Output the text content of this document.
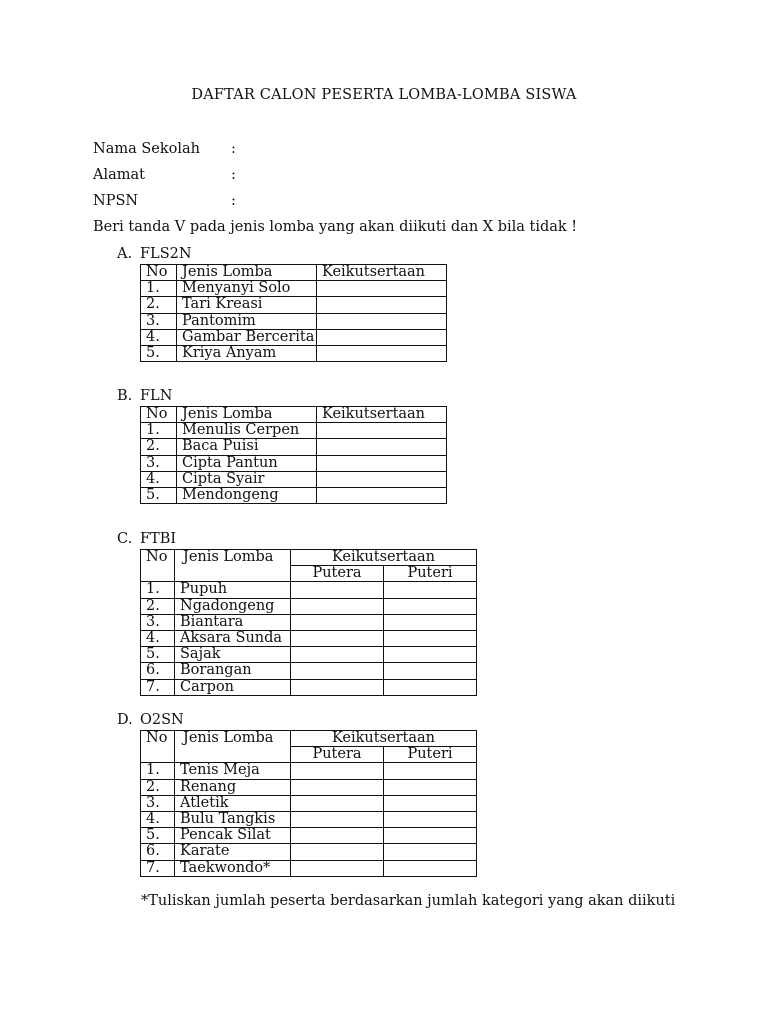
DAFTAR CALON PESERTA LOMBA-LOMBA SISWA
Nama Sekolah :
Alamat	:
NPSN	:
Beri tanda V pada jenis lomba yang akan diikuti dan X bila tidak !
A. FLS2N
No	Jenis Lomba	Keikutsertaan
1.	Menyanyi Solo	
2.	Tari Kreasi	
3.	Pantomim	
4.	Gambar Bercerita	
5.	Kriya Anyam	
B. FLN
No	Jenis Lomba	Keikutsertaan
1.	Menulis Cerpen	
2.	Baca Puisi	
3.	Cipta Pantun	
4.	Cipta Syair	
5.	Mendongeng	
C. FTBI
No	Jenis Lomba	Keikutsertaan	
		Putera	Puteri
1.	Pupuh		
2.	Ngadongeng		
3.	Biantara		
4.	Aksara Sunda		
5.	Sajak		
6.	Borangan		
7.	Carpon		
D. O2SN
No	Jenis Lomba	Keikutsertaan	
		Putera	Puteri
1.	Tenis Meja		
2.	Renang		
3.	Atletik		
4.	Bulu Tangkis		
5.	Pencak Silat		
6.	Karate		
7.	Taekwondo*		
*Tuliskan jumlah peserta berdasarkan jumlah kategori yang akan diikuti
